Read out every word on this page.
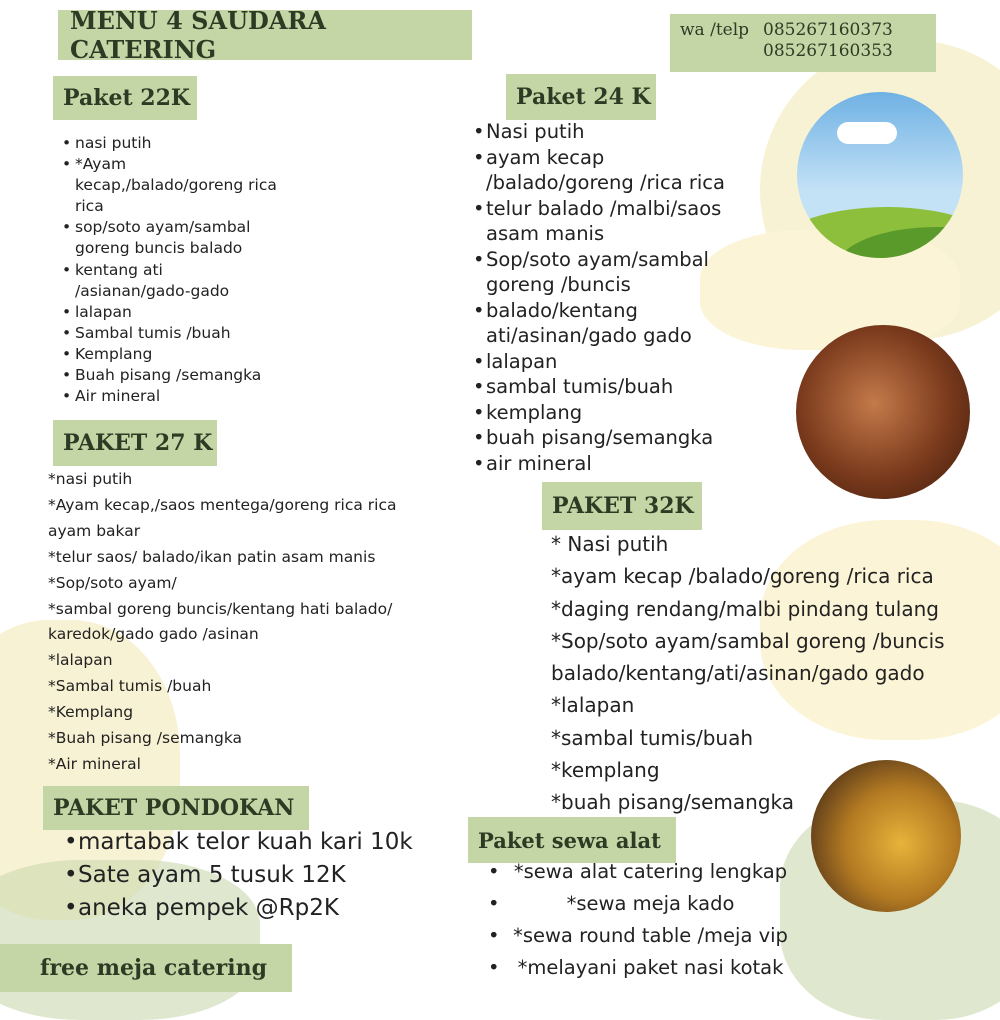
MENU 4 SAUDARA CATERING
wa /telp 085267160373
085267160353
Paket 22K
• nasi putih
• *Ayam
kecap,/balado/goreng rica
rica
• sop/soto ayam/sambal
goreng buncis balado
• kentang ati
/asianan/gado-gado
• lalapan
• Sambal tumis /buah
• Kemplang
• Buah pisang /semangka
• Air mineral
Paket 24 K
• Nasi putih
• ayam kecap
/balado/goreng /rica rica
• telur balado /malbi/saos
asam manis
• Sop/soto ayam/sambal
goreng /buncis
• balado/kentang
ati/asinan/gado gado
• lalapan
• sambal tumis/buah
• kemplang
• buah pisang/semangka
• air mineral
PAKET 27 K
*nasi putih
*Ayam kecap,/saos mentega/goreng rica rica
ayam bakar
*telur saos/ balado/ikan patin asam manis
*Sop/soto ayam/
*sambal goreng buncis/kentang hati balado/
karedok/gado gado /asinan
*lalapan
*Sambal tumis /buah
*Kemplang
*Buah pisang /semangka
*Air mineral
PAKET 32K
* Nasi putih
*ayam kecap /balado/goreng /rica rica
*daging rendang/malbi pindang tulang
*Sop/soto ayam/sambal goreng /buncis
balado/kentang/ati/asinan/gado gado
*lalapan
*sambal tumis/buah
*kemplang
*buah pisang/semangka
PAKET PONDOKAN
• martabak telor kuah kari 10k
• Sate ayam 5 tusuk 12K
• aneka pempek @Rp2K
Paket sewa alat
*sewa alat catering lengkap
•
*sewa meja kado
•
*sewa round table /meja vip
•
*melayani paket nasi kotak
•
free meja catering
